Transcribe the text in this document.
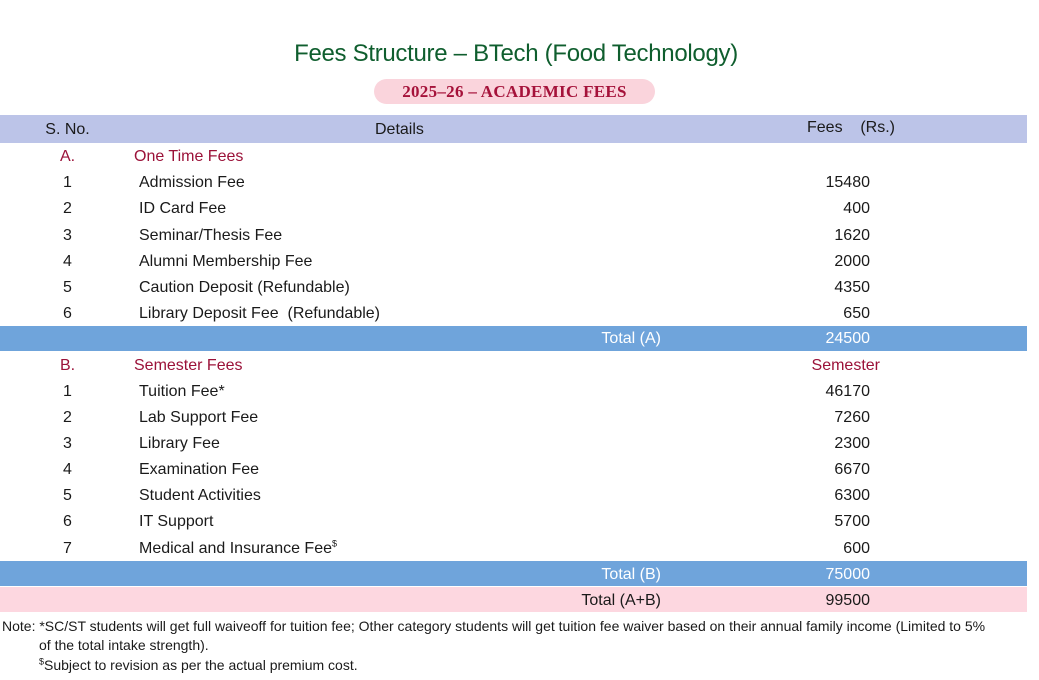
Fees Structure – BTech (Food Technology)
2025–26 – ACADEMIC FEES
S. No.	Details	Fees    (Rs.)
A.	One Time Fees
1	Admission Fee	15480
2	ID Card Fee	400
3	Seminar/Thesis Fee	1620
4	Alumni Membership Fee	2000
5	Caution Deposit (Refundable)	4350
6	Library Deposit Fee  (Refundable)	650
Total (A)	24500
B.	Semester Fees	Semester
1	Tuition Fee*	46170
2	Lab Support Fee	7260
3	Library Fee	2300
4	Examination Fee	6670
5	Student Activities	6300
6	IT Support	5700
7	Medical and Insurance Fee$	600
Total (B)	75000
Total (A+B)	99500
Note: *SC/ST students will get full waiveoff for tuition fee; Other category students will get tuition fee waiver based on their annual family income (Limited to 5%
of the total intake strength).
$Subject to revision as per the actual premium cost.
